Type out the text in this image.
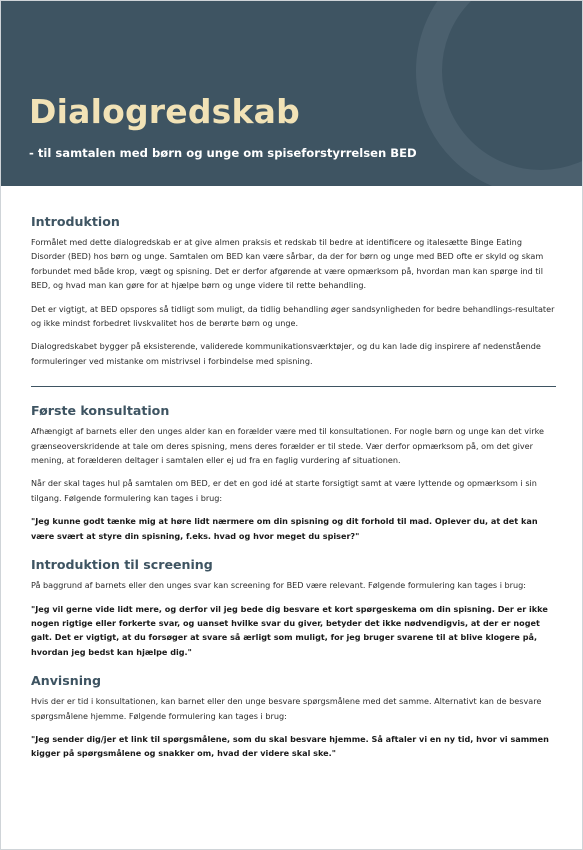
Dialogredskab
- til samtalen med børn og unge om spiseforstyrrelsen BED
Introduktion

Formålet med dette dialogredskab er at give almen praksis et redskab til bedre at identificere og italesætte Binge Eating Disorder (BED) hos børn og unge. Samtalen om BED kan være sårbar, da der for børn og unge med BED ofte er skyld og skam forbundet med både krop, vægt og spisning. Det er derfor afgørende at være opmærksom på, hvordan man kan spørge ind til BED, og hvad man kan gøre for at hjælpe børn og unge videre til rette behandling.

Det er vigtigt, at BED opspores så tidligt som muligt, da tidlig behandling øger sandsynligheden for bedre behandlings-resultater og ikke mindst forbedret livskvalitet hos de berørte børn og unge.

Dialogredskabet bygger på eksisterende, validerede kommunikationsværktøjer, og du kan lade dig inspirere af nedenstående formuleringer ved mistanke om mistrivsel i forbindelse med spisning.

Første konsultation

Afhængigt af barnets eller den unges alder kan en forælder være med til konsultationen. For nogle børn og unge kan det virke grænseoverskridende at tale om deres spisning, mens deres forælder er til stede. Vær derfor opmærksom på, om det giver mening, at forælderen deltager i samtalen eller ej ud fra en faglig vurdering af situationen.

Når der skal tages hul på samtalen om BED, er det en god idé at starte forsigtigt samt at være lyttende og opmærksom i sin tilgang. Følgende formulering kan tages i brug:

"Jeg kunne godt tænke mig at høre lidt nærmere om din spisning og dit forhold til mad. Oplever du, at det kan være svært at styre din spisning, f.eks. hvad og hvor meget du spiser?"

Introduktion til screening

På baggrund af barnets eller den unges svar kan screening for BED være relevant. Følgende formulering kan tages i brug:

"Jeg vil gerne vide lidt mere, og derfor vil jeg bede dig besvare et kort spørgeskema om din spisning. Der er ikke nogen rigtige eller forkerte svar, og uanset hvilke svar du giver, betyder det ikke nødvendigvis, at der er noget galt. Det er vigtigt, at du forsøger at svare så ærligt som muligt, for jeg bruger svarene til at blive klogere på, hvordan jeg bedst kan hjælpe dig."

Anvisning

Hvis der er tid i konsultationen, kan barnet eller den unge besvare spørgsmålene med det samme. Alternativt kan de besvare spørgsmålene hjemme. Følgende formulering kan tages i brug:

"Jeg sender dig/jer et link til spørgsmålene, som du skal besvare hjemme. Så aftaler vi en ny tid, hvor vi sammen kigger på spørgsmålene og snakker om, hvad der videre skal ske."
